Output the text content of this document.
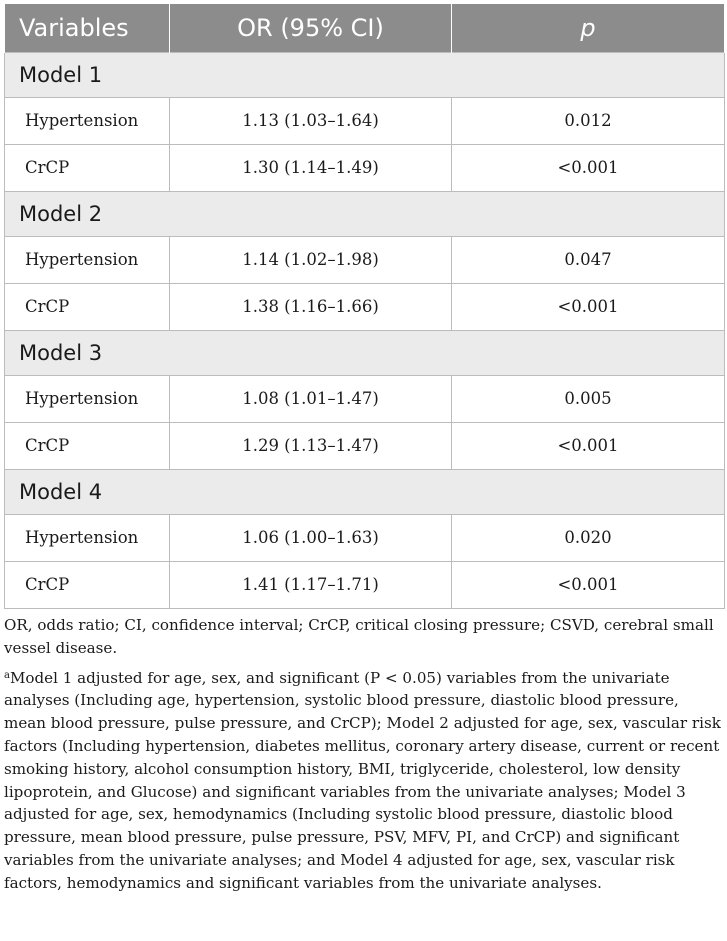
Variables	OR (95% CI)	p
Model 1		
Hypertension	1.13 (1.03–1.64)	0.012
CrCP	1.30 (1.14–1.49)	<0.001
Model 2		
Hypertension	1.14 (1.02–1.98)	0.047
CrCP	1.38 (1.16–1.66)	<0.001
Model 3		
Hypertension	1.08 (1.01–1.47)	0.005
CrCP	1.29 (1.13–1.47)	<0.001
Model 4		
Hypertension	1.06 (1.00–1.63)	0.020
CrCP	1.41 (1.17–1.71)	<0.001

OR, odds ratio; CI, confidence interval; CrCP, critical closing pressure; CSVD, cerebral small vessel disease.

$^a$Model 1 adjusted for age, sex, and significant (P < 0.05) variables from the univariate analyses (Including age, hypertension, systolic blood pressure, diastolic blood pressure, mean blood pressure, pulse pressure, and CrCP); Model 2 adjusted for age, sex, vascular risk factors (Including hypertension, diabetes mellitus, coronary artery disease, current or recent smoking history, alcohol consumption history, BMI, triglyceride, cholesterol, low density lipoprotein, and Glucose) and significant variables from the univariate analyses; Model 3 adjusted for age, sex, hemodynamics (Including systolic blood pressure, diastolic blood pressure, mean blood pressure, pulse pressure, PSV, MFV, PI, and CrCP) and significant variables from the univariate analyses; and Model 4 adjusted for age, sex, vascular risk factors, hemodynamics and significant variables from the univariate analyses.
